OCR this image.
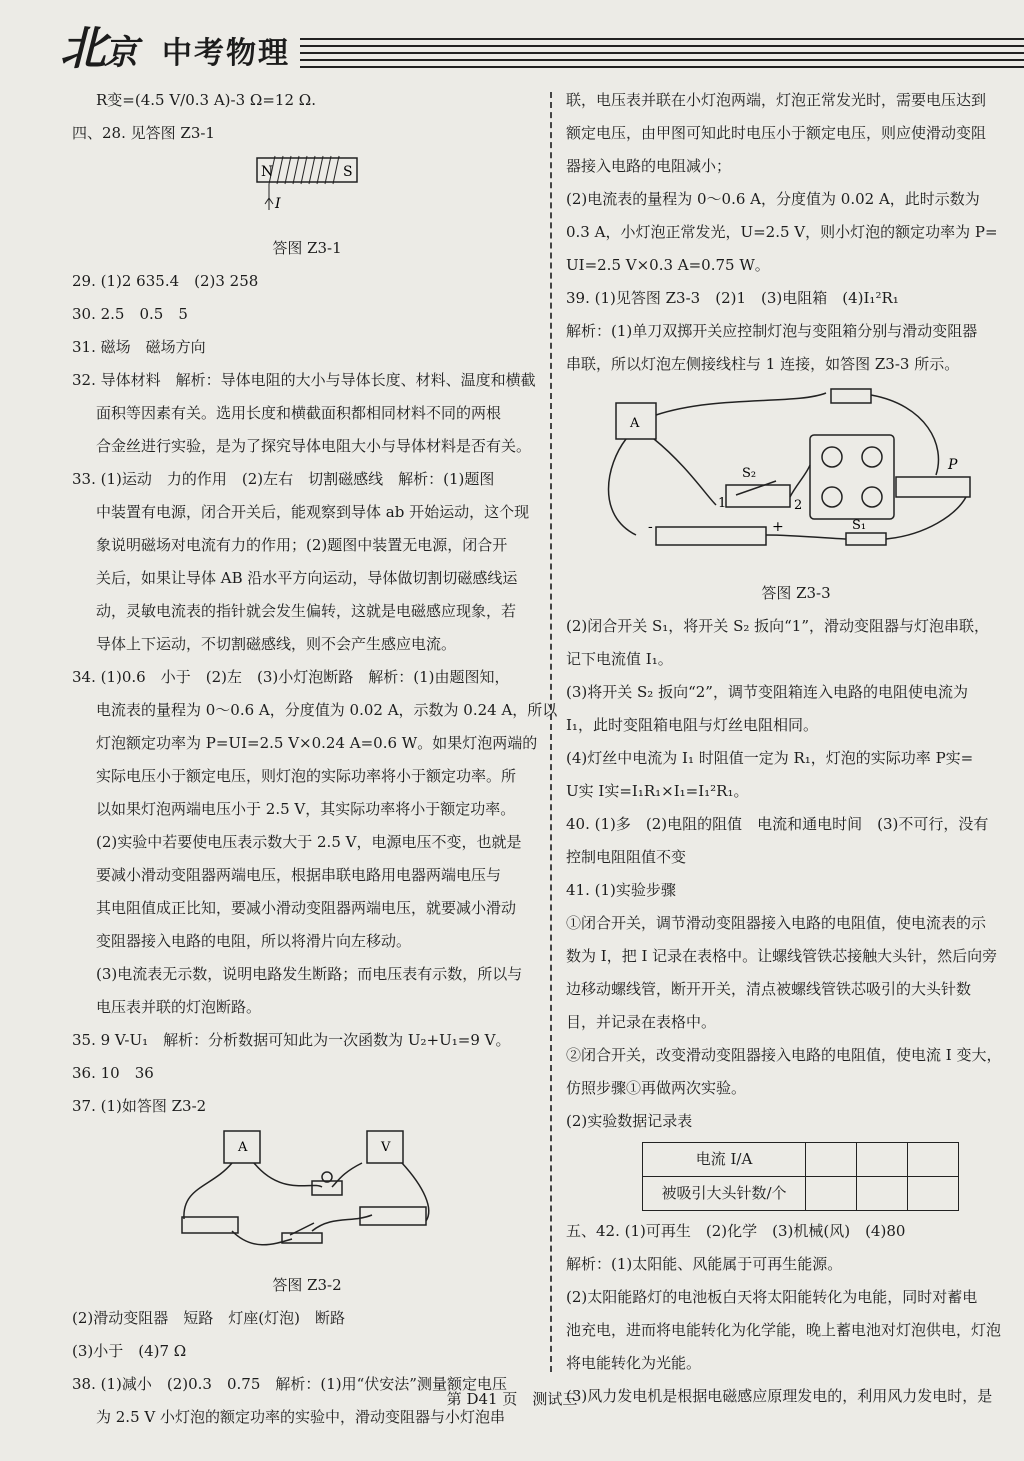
北京 中考物理
R变=(4.5 V/0.3 A)-3 Ω=12 Ω.
四、28. 见答图 Z3-1
N	S
I
答图 Z3-1
29. (1)2 635.4　(2)3 258
30. 2.5　0.5　5
31. 磁场　磁场方向
32. 导体材料　解析：导体电阻的大小与导体长度、材料、温度和横截
面积等因素有关。选用长度和横截面积都相同材料不同的两根
合金丝进行实验，是为了探究导体电阻大小与导体材料是否有关。
33. (1)运动　力的作用　(2)左右　切割磁感线　解析：(1)题图
中装置有电源，闭合开关后，能观察到导体 ab 开始运动，这个现
象说明磁场对电流有力的作用；(2)题图中装置无电源，闭合开
关后，如果让导体 AB 沿水平方向运动，导体做切割切磁感线运
动，灵敏电流表的指针就会发生偏转，这就是电磁感应现象，若
导体上下运动，不切割磁感线，则不会产生感应电流。
34. (1)0.6　小于　(2)左　(3)小灯泡断路　解析：(1)由题图知，
电流表的量程为 0～0.6 A，分度值为 0.02 A，示数为 0.24 A，所以
灯泡额定功率为 P=UI=2.5 V×0.24 A=0.6 W。如果灯泡两端的
实际电压小于额定电压，则灯泡的实际功率将小于额定功率。所
以如果灯泡两端电压小于 2.5 V，其实际功率将小于额定功率。
(2)实验中若要使电压表示数大于 2.5 V，电源电压不变，也就是
要减小滑动变阻器两端电压，根据串联电路用电器两端电压与
其电阻值成正比知，要减小滑动变阻器两端电压，就要减小滑动
变阻器接入电路的电阻，所以将滑片向左移动。
(3)电流表无示数，说明电路发生断路；而电压表有示数，所以与
电压表并联的灯泡断路。
35. 9 V-U₁　解析：分析数据可知此为一次函数为 U₂+U₁=9 V。
36. 10　36
37. (1)如答图 Z3-2
A	V
答图 Z3-2
(2)滑动变阻器　短路　灯座(灯泡)　断路
(3)小于　(4)7 Ω
38. (1)减小　(2)0.3　0.75　解析：(1)用“伏安法”测量额定电压
为 2.5 V 小灯泡的额定功率的实验中，滑动变阻器与小灯泡串
联，电压表并联在小灯泡两端，灯泡正常发光时，需要电压达到
额定电压，由甲图可知此时电压小于额定电压，则应使滑动变阻
器接入电路的电阻减小；
(2)电流表的量程为 0～0.6 A，分度值为 0.02 A，此时示数为
0.3 A，小灯泡正常发光，U=2.5 V，则小灯泡的额定功率为 P=
UI=2.5 V×0.3 A=0.75 W。
39. (1)见答图 Z3-3　(2)1　(3)电阻箱　(4)I₁²R₁
解析：(1)单刀双掷开关应控制灯泡与变阻箱分别与滑动变阻器
串联，所以灯泡左侧接线柱与 1 连接，如答图 Z3-3 所示。
A
S₂
1	2
P
S₁
+
-
答图 Z3-3
(2)闭合开关 S₁，将开关 S₂ 扳向“1”，滑动变阻器与灯泡串联，
记下电流值 I₁。
(3)将开关 S₂ 扳向“2”，调节变阻箱连入电路的电阻使电流为
I₁，此时变阻箱电阻与灯丝电阻相同。
(4)灯丝中电流为 I₁ 时阻值一定为 R₁，灯泡的实际功率 P实=
U实 I实=I₁R₁×I₁=I₁²R₁。
40. (1)多　(2)电阻的阻值　电流和通电时间　(3)不可行，没有
控制电阻阻值不变
41. (1)实验步骤
①闭合开关，调节滑动变阻器接入电路的电阻值，使电流表的示
数为 I，把 I 记录在表格中。让螺线管铁芯接触大头针，然后向旁
边移动螺线管，断开开关，清点被螺线管铁芯吸引的大头针数
目，并记录在表格中。
②闭合开关，改变滑动变阻器接入电路的电阻值，使电流 I 变大，
仿照步骤①再做两次实验。
(2)实验数据记录表
电流 I/A			
被吸引大头针数/个			
五、42. (1)可再生　(2)化学　(3)机械(风)　(4)80
解析：(1)太阳能、风能属于可再生能源。
(2)太阳能路灯的电池板白天将太阳能转化为电能，同时对蓄电
池充电，进而将电能转化为化学能，晚上蓄电池对灯泡供电，灯泡
将电能转化为光能。
(3)风力发电机是根据电磁感应原理发电的，利用风力发电时，是
第 D41 页　测试三
